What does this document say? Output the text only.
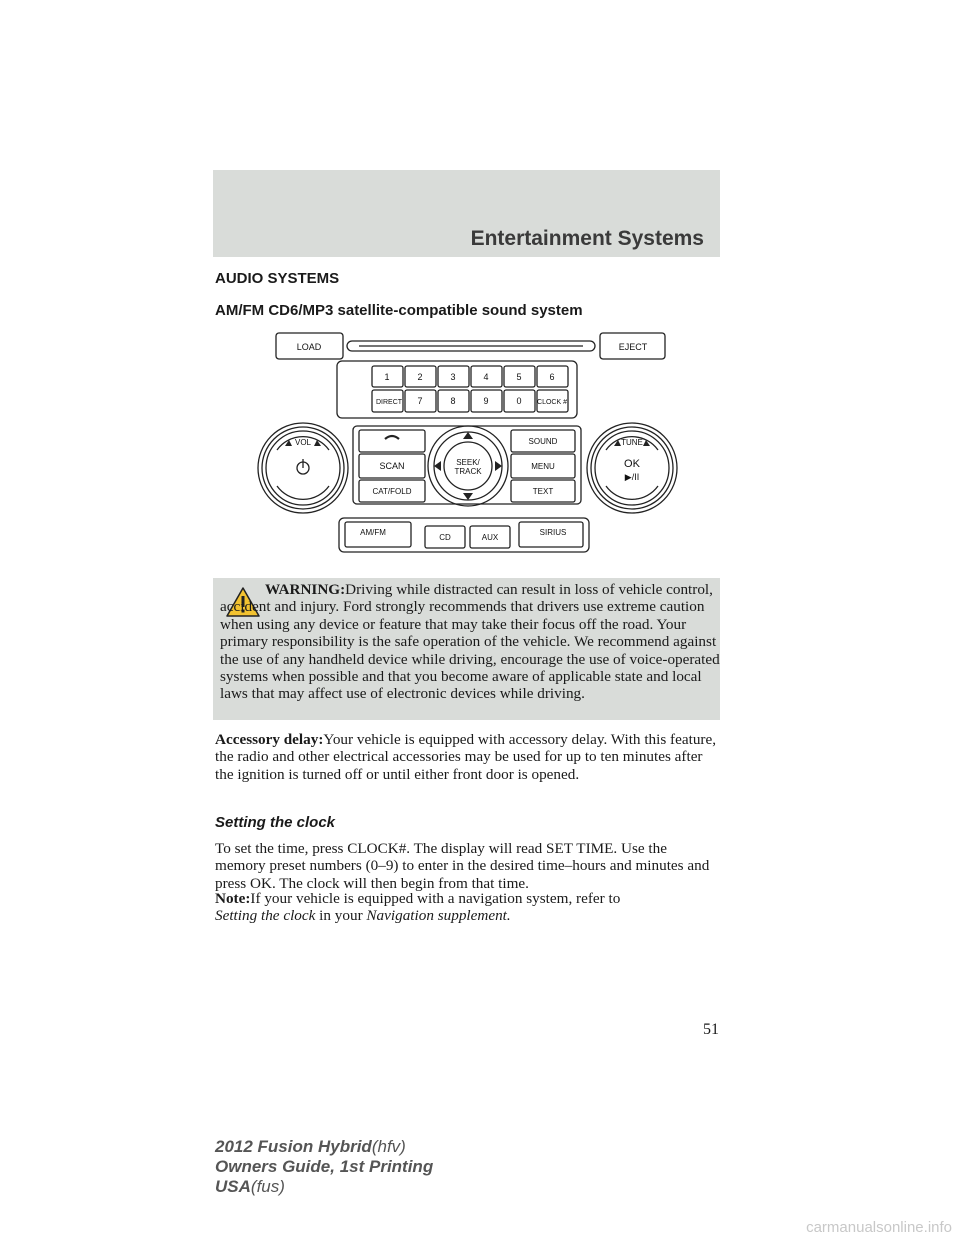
Entertainment Systems
AUDIO SYSTEMS
AM/FM CD6/MP3 satellite-compatible sound system
LOAD	EJECT
1	2	3	4	5	6
DIRECT 7	8	9	0 CLOCK #
VOL	TUNE
OK
▶/II
SCAN
CAT/FOLD
SEEK/
TRACK
SOUND
MENU
TEXT
AM/FM
CD	AUX
SIRIUS

WARNING:Driving while distracted can result in loss of vehicle control, accident and injury. Ford strongly recommends that drivers use extreme caution when using any device or feature that may take their focus off the road. Your primary responsibility is the safe operation of the vehicle. We recommend against the use of any handheld device while driving, encourage the use of voice-operated systems when possible and that you become aware of applicable state and local laws that may affect use of electronic devices while driving.

Accessory delay:Your vehicle is equipped with accessory delay. With this feature, the radio and other electrical accessories may be used for up to ten minutes after the ignition is turned off or until either front door is opened.

Setting the clock

To set the time, press CLOCK#. The display will read SET TIME. Use the memory preset numbers (0–9) to enter in the desired time–hours and minutes and press OK. The clock will then begin from that time.

Note:If your vehicle is equipped with a navigation system, refer to
Setting the clock in your Navigation supplement.

51
2012 Fusion Hybrid(hfv)
Owners Guide, 1st Printing
USA(fus)
carmanualsonline.info
